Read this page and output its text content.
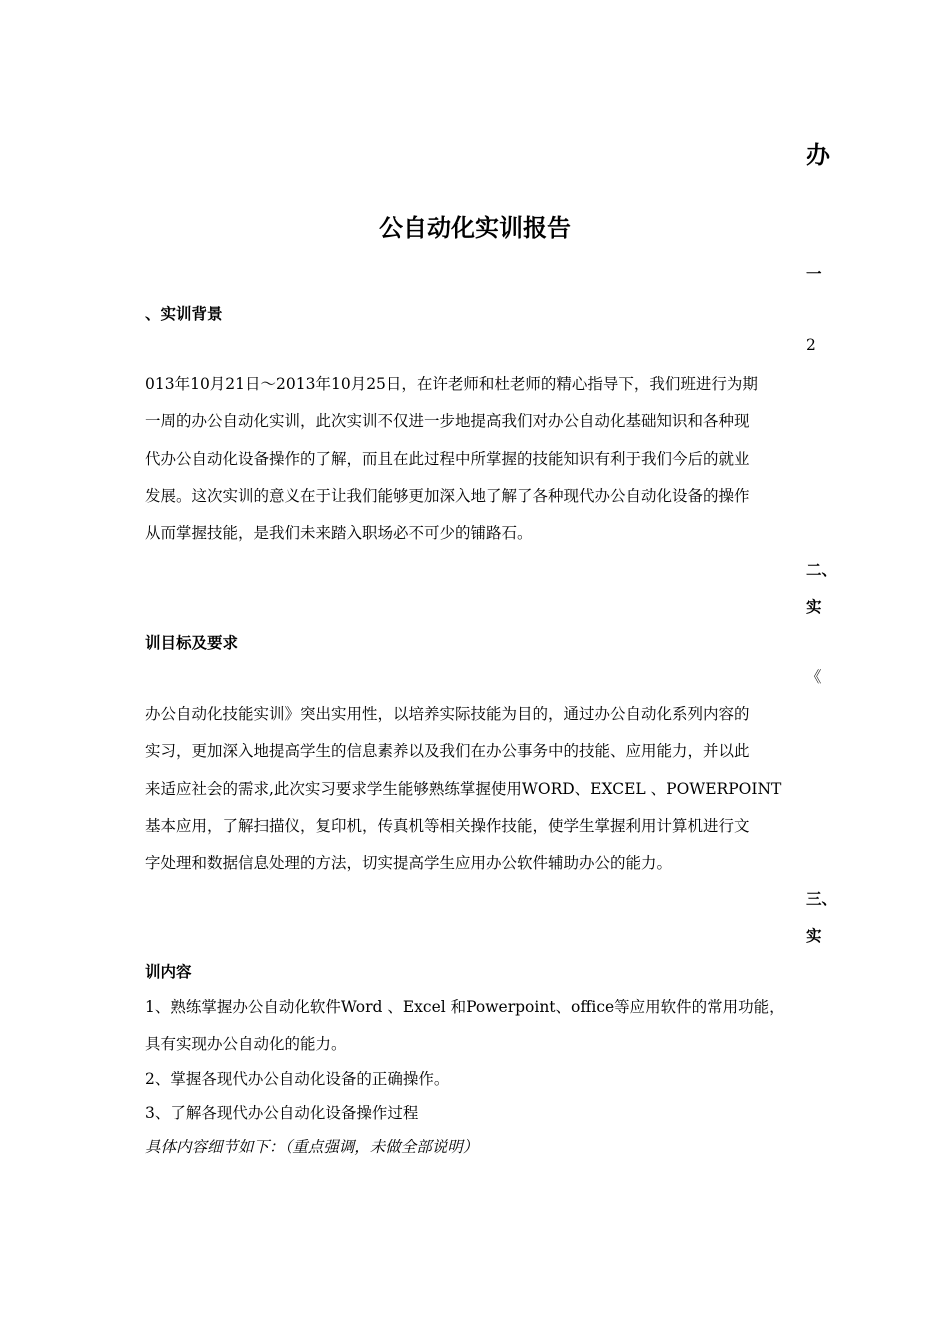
办
公自动化实训报告
一
、实训背景
2
013年10月21日～2013年10月25日，在许老师和杜老师的精心指导下，我们班进行为期
一周的办公自动化实训，此次实训不仅进一步地提高我们对办公自动化基础知识和各种现
代办公自动化设备操作的了解，而且在此过程中所掌握的技能知识有利于我们今后的就业
发展。这次实训的意义在于让我们能够更加深入地了解了各种现代办公自动化设备的操作
从而掌握技能，是我们未来踏入职场必不可少的铺路石。
二、
实
训目标及要求
《
办公自动化技能实训》突出实用性，以培养实际技能为目的，通过办公自动化系列内容的
实习，更加深入地提高学生的信息素养以及我们在办公事务中的技能、应用能力，并以此
来适应社会的需求,此次实习要求学生能够熟练掌握使用WORD、EXCEL 、POWERPOINT
基本应用，了解扫描仪，复印机，传真机等相关操作技能，使学生掌握利用计算机进行文
字处理和数据信息处理的方法，切实提高学生应用办公软件辅助办公的能力。
三、
实
训内容
1、熟练掌握办公自动化软件Word 、Excel 和Powerpoint、office等应用软件的常用功能，
具有实现办公自动化的能力。
2、掌握各现代办公自动化设备的正确操作。
3、了解各现代办公自动化设备操作过程
具体内容细节如下：（重点强调，未做全部说明）
